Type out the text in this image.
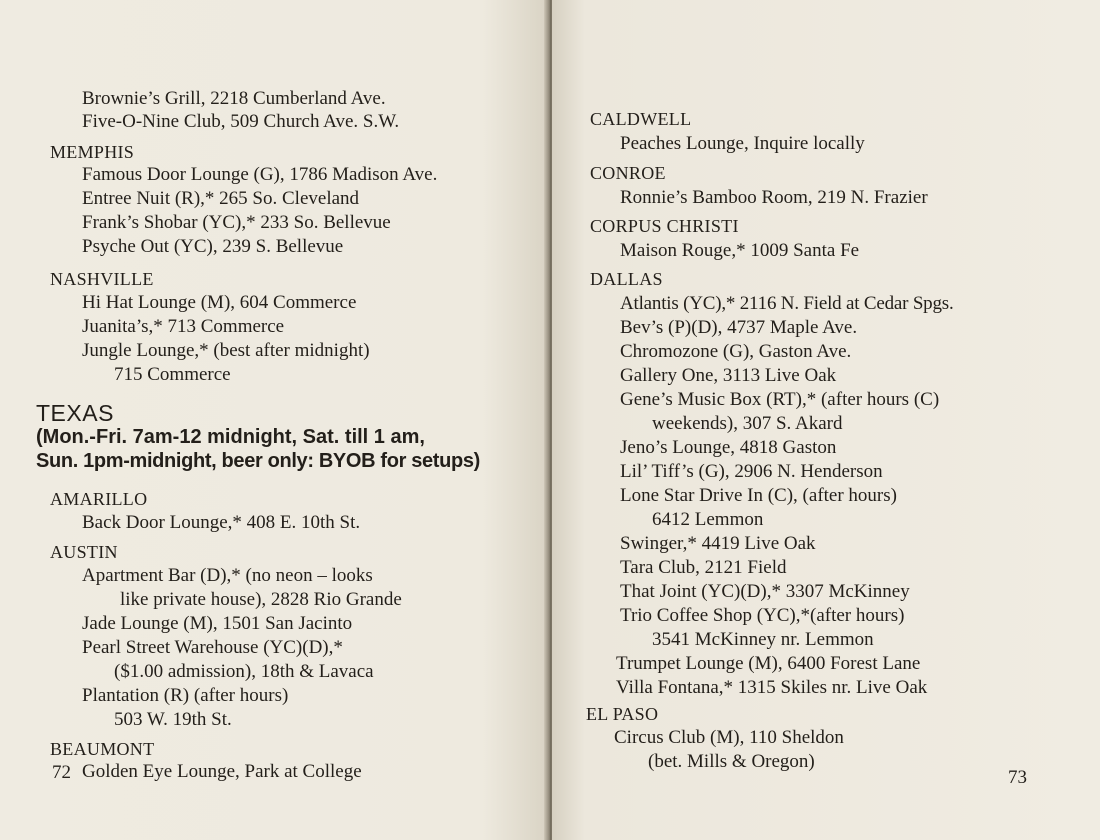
Brownie’s Grill, 2218 Cumberland Ave.
Five-O-Nine Club, 509 Church Ave. S.W.
MEMPHIS
Famous Door Lounge (G), 1786 Madison Ave.
Entree Nuit (R),* 265 So. Cleveland
Frank’s Shobar (YC),* 233 So. Bellevue
Psyche Out (YC), 239 S. Bellevue
NASHVILLE
Hi Hat Lounge (M), 604 Commerce
Juanita’s,* 713 Commerce
Jungle Lounge,* (best after midnight)
715 Commerce
TEXAS
(Mon.-Fri. 7am-12 midnight, Sat. till 1 am,
Sun. 1pm-midnight, beer only: BYOB for setups)
AMARILLO
Back Door Lounge,* 408 E. 10th St.
AUSTIN
Apartment Bar (D),* (no neon – looks
like private house), 2828 Rio Grande
Jade Lounge (M), 1501 San Jacinto
Pearl Street Warehouse (YC)(D),*
($1.00 admission), 18th & Lavaca
Plantation (R) (after hours)
503 W. 19th St.
BEAUMONT
72 Golden Eye Lounge, Park at College
CALDWELL
Peaches Lounge, Inquire locally
CONROE
Ronnie’s Bamboo Room, 219 N. Frazier
CORPUS CHRISTI
Maison Rouge,* 1009 Santa Fe
DALLAS
Atlantis (YC),* 2116 N. Field at Cedar Spgs.
Bev’s (P)(D), 4737 Maple Ave.
Chromozone (G), Gaston Ave.
Gallery One, 3113 Live Oak
Gene’s Music Box (RT),* (after hours (C)
weekends), 307 S. Akard
Jeno’s Lounge, 4818 Gaston
Lil’ Tiff’s (G), 2906 N. Henderson
Lone Star Drive In (C), (after hours)
6412 Lemmon
Swinger,* 4419 Live Oak
Tara Club, 2121 Field
That Joint (YC)(D),* 3307 McKinney
Trio Coffee Shop (YC),*(after hours)
3541 McKinney nr. Lemmon
Trumpet Lounge (M), 6400 Forest Lane
Villa Fontana,* 1315 Skiles nr. Live Oak
EL PASO
Circus Club (M), 110 Sheldon
(bet. Mills & Oregon)
73
